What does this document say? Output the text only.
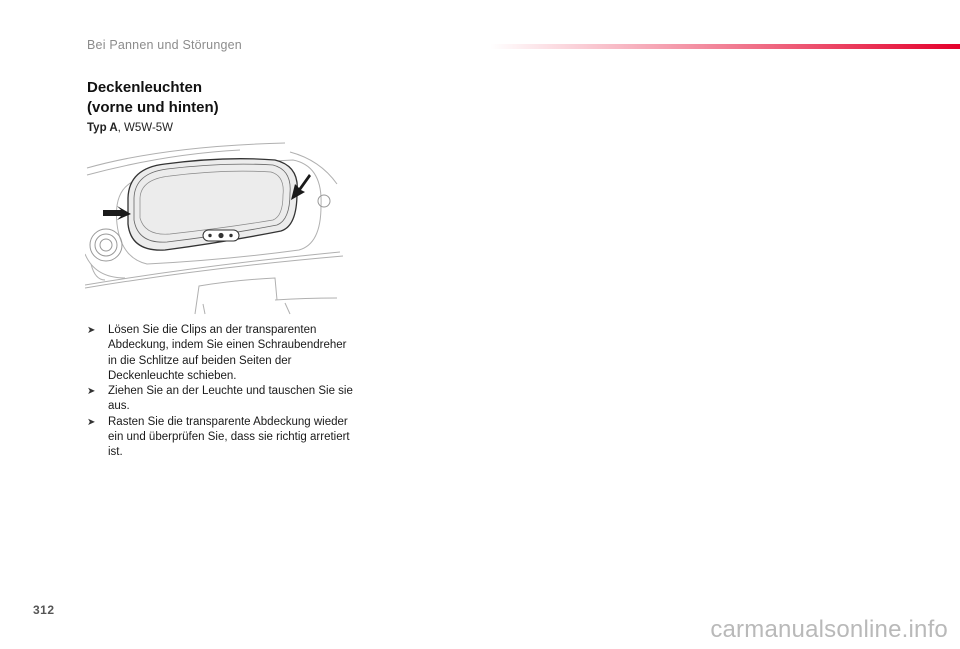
Bei Pannen und Störungen
Deckenleuchten
(vorne und hinten)
Typ A, W5W-5W
➤ Lösen Sie die Clips an der transparenten Abdeckung, indem Sie einen Schraubendreher in die Schlitze auf beiden Seiten der Deckenleuchte schieben.
➤ Ziehen Sie an der Leuchte und tauschen Sie sie aus.
➤ Rasten Sie die transparente Abdeckung wieder ein und überprüfen Sie, dass sie richtig arretiert ist.
312
carmanualsonline.info
